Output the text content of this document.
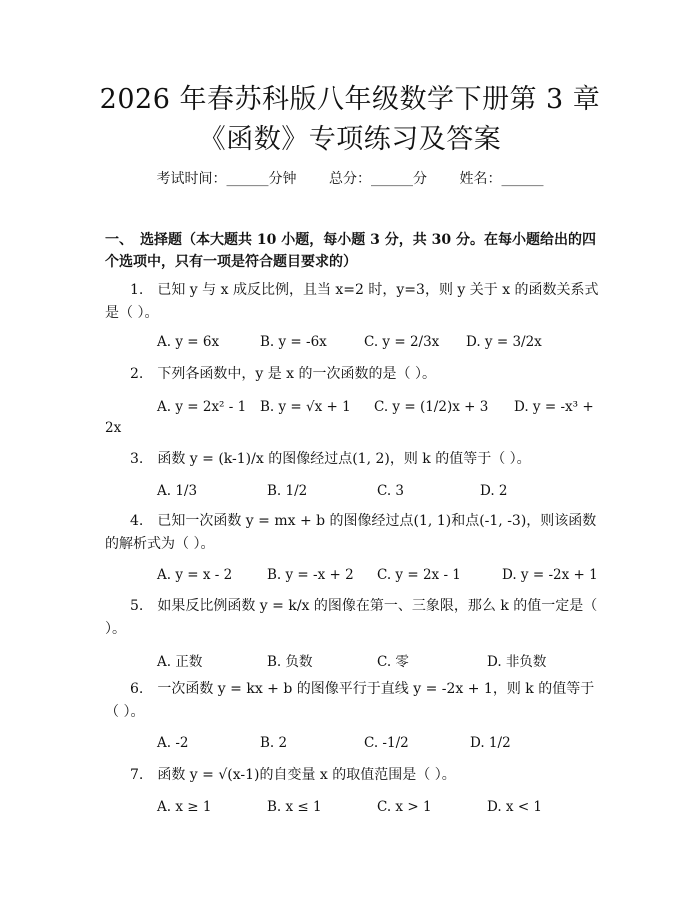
2026 年春苏科版八年级数学下册第 3 章《函数》专项练习及答案
考试时间：______分钟 总分：______分 姓名：______
一、　选择题（本大题共 10 小题，每小题 3 分，共 30 分。在每小题给出的四个选项中，只有一项是符合题目要求的）
1.　已知 y 与 x 成反比例，且当 x=2 时，y=3，则 y 关于 x 的函数关系式是（ ）。
A. y = 6x	B. y = -6x	C. y = 2/3x D. y = 3/2x
2.　下列各函数中，y 是 x 的一次函数的是（ ）。
A. y = 2x² - 1 B. y = √x + 1 C. y = (1/2)x + 3 D. y = -x³ +
2x
3.　函数 y = (k-1)/x 的图像经过点(1, 2)，则 k 的值等于（ ）。
A. 1/3	B. 1/2	C. 3	D. 2
4.　已知一次函数 y = mx + b 的图像经过点(1, 1)和点(-1, -3)，则该函数的解析式为（ ）。
A. y = x - 2	B. y = -x + 2 C. y = 2x - 1	D. y = -2x + 1
5.　如果反比例函数 y = k/x 的图像在第一、三象限，那么 k 的值一定是（ ）。
A. 正数	B. 负数	C. 零	D. 非负数
6.　一次函数 y = kx + b 的图像平行于直线 y = -2x + 1，则 k 的值等于（ ）。
A. -2	B. 2	C. -1/2	D. 1/2
7.　函数 y = √(x-1)的自变量 x 的取值范围是（ ）。
A. x ≥ 1	B. x ≤ 1	C. x > 1	D. x < 1
